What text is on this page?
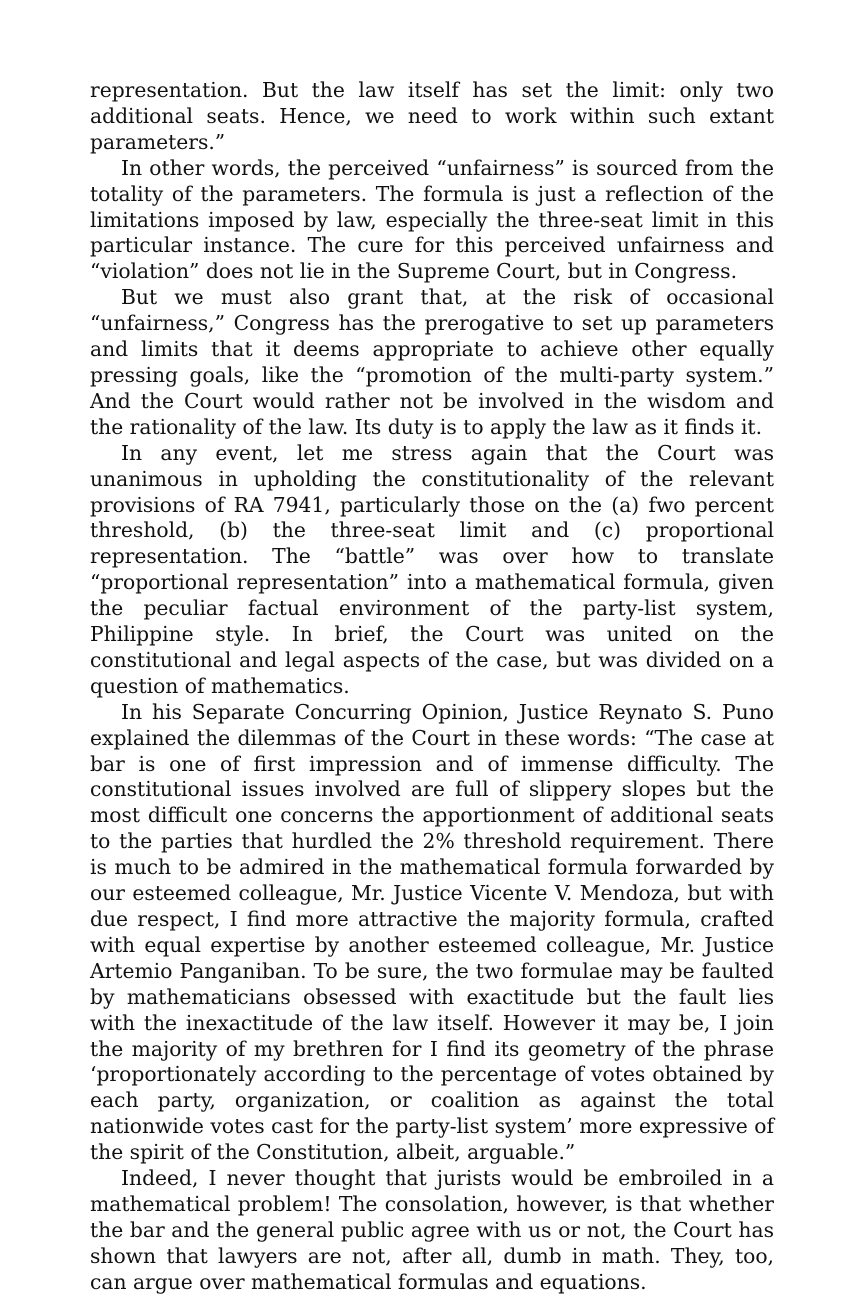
representation. But the law itself has set the limit: only two additional seats. Hence, we need to work within such extant parameters.”

In other words, the perceived “unfairness” is sourced from the totality of the parameters. The formula is just a reflection of the limitations imposed by law, especially the three-seat limit in this particular instance. The cure for this perceived unfairness and “violation” does not lie in the Supreme Court, but in Congress.

But we must also grant that, at the risk of occasional “unfairness,” Congress has the prerogative to set up parameters and limits that it deems appropriate to achieve other equally pressing goals, like the “promotion of the multi-party system.” And the Court would rather not be involved in the wisdom and the rationality of the law. Its duty is to apply the law as it finds it.

In any event, let me stress again that the Court was unanimous in upholding the constitutionality of the relevant provisions of RA 7941, particularly those on the (a) fwo percent threshold, (b) the three-seat limit and (c) proportional representation. The “battle” was over how to translate “proportional representation” into a mathematical formula, given the peculiar factual environment of the party-list system, Philippine style. In brief, the Court was united on the constitutional and legal aspects of the case, but was divided on a question of mathematics.

In his Separate Concurring Opinion, Justice Reynato S. Puno explained the dilemmas of the Court in these words: “The case at bar is one of first impression and of immense difficulty. The constitutional issues involved are full of slippery slopes but the most difficult one concerns the apportionment of additional seats to the parties that hurdled the 2% threshold requirement. There is much to be admired in the mathematical formula forwarded by our esteemed colleague, Mr. Justice Vicente V. Mendoza, but with due respect, I find more attractive the majority formula, crafted with equal expertise by another esteemed colleague, Mr. Justice Artemio Panganiban. To be sure, the two formulae may be faulted by mathematicians obsessed with exactitude but the fault lies with the inexactitude of the law itself. However it may be, I join the majority of my brethren for I find its geometry of the phrase ‘proportionately according to the percentage of votes obtained by each party, organization, or coalition as against the total nationwide votes cast for the party-list system’ more expressive of the spirit of the Constitution, albeit, arguable.”

Indeed, I never thought that jurists would be embroiled in a mathematical problem! The consolation, however, is that whether the bar and the general public agree with us or not, the Court has shown that lawyers are not, after all, dumb in math. They, too, can argue over mathematical formulas and equations.
